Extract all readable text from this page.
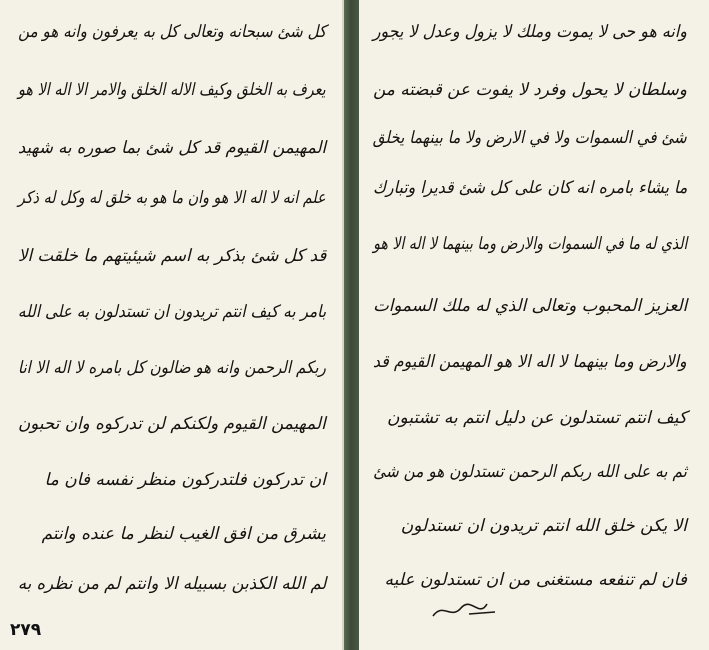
كل شئ سبحانه وتعالى كل به يعرفون وانه هو من
يعرف به الخلق وكيف الاله الخلق والامر الا اله الا هو
المهيمن القيوم قد كل شئ بما صوره به شهيد
علم انه لا اله الا هو وان ما هو به خلق له وكل له ذكر
قد كل شئ بذكر به اسم شيئيتهم ما خلقت الا
بامر به كيف انتم تريدون ان تستدلون به على الله
ربكم الرحمن وانه هو ضالون كل بامره لا اله الا انا
المهيمن القيوم ولكنكم لن تدركوه وان تحبون
ان تدركون فلتدركون منظر نفسه فان ما
يشرق من افق الغيب لنظر ما عنده وانتم
لم الله الكذبن بسبيله الا وانتم لم من نظره به
٢٧٩
وانه هو حى لا يموت وملك لا يزول وعدل لا يجور
وسلطان لا يحول وفرد لا يفوت عن قبضته من
شئ في السموات ولا في الارض ولا ما بينهما يخلق
ما يشاء بامره انه كان على كل شئ قديرا وتبارك
الذي له ما في السموات والارض وما بينهما لا اله الا هو
العزيز المحبوب وتعالى الذي له ملك السموات
والارض وما بينهما لا اله الا هو المهيمن القيوم قد
كيف انتم تستدلون عن دليل انتم به تشتبون
ثم به على الله ربكم الرحمن تستدلون هو من شئ
الا يكن خلق الله انتم تريدون ان تستدلون
فان لم تنفعه مستغنى من ان تستدلون عليه
